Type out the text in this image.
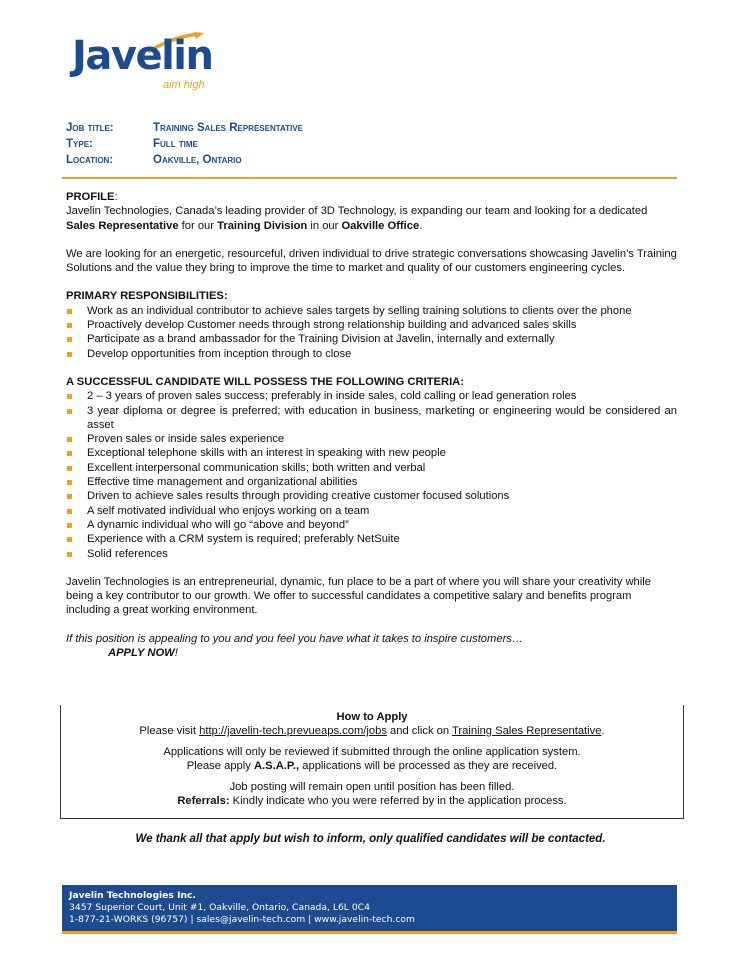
Javelin
aim high
Job title:	Training Sales Representative
Type:	Full time
Location:	Oakville, Ontario

PROFILE:

Javelin Technologies, Canada’s leading provider of 3D Technology, is expanding our team and looking for a dedicated Sales Representative for our Training Division in our Oakville Office.

We are looking for an energetic, resourceful, driven individual to drive strategic conversations showcasing Javelin’s Training Solutions and the value they bring to improve the time to market and quality of our customers engineering cycles.

PRIMARY RESPONSIBILITIES:

Work as an individual contributor to achieve sales targets by selling training solutions to clients over the phone
Proactively develop Customer needs through strong relationship building and advanced sales skills
Participate as a brand ambassador for the Training Division at Javelin, internally and externally
Develop opportunities from inception through to close

A SUCCESSFUL CANDIDATE WILL POSSESS THE FOLLOWING CRITERIA:

2 – 3 years of proven sales success; preferably in inside sales, cold calling or lead generation roles
3 year diploma or degree is preferred; with education in business, marketing or engineering would be considered an asset
Proven sales or inside sales experience
Exceptional telephone skills with an interest in speaking with new people
Excellent interpersonal communication skills; both written and verbal
Effective time management and organizational abilities
Driven to achieve sales results through providing creative customer focused solutions
A self motivated individual who enjoys working on a team
A dynamic individual who will go “above and beyond”
Experience with a CRM system is required; preferably NetSuite
Solid references

Javelin Technologies is an entrepreneurial, dynamic, fun place to be a part of where you will share your creativity while being a key contributor to our growth. We offer to successful candidates a competitive salary and benefits program including a great working environment.

If this position is appealing to you and you feel you have what it takes to inspire customers…

APPLY NOW!

How to Apply
Please visit http://javelin-tech.prevueaps.com/jobs and click on Training Sales Representative.
Applications will only be reviewed if submitted through the online application system.
Please apply A.S.A.P., applications will be processed as they are received.
Job posting will remain open until position has been filled.
Referrals: Kindly indicate who you were referred by in the application process.
We thank all that apply but wish to inform, only qualified candidates will be contacted.
Javelin Technologies Inc.
3457 Superior Court, Unit #1, Oakville, Ontario, Canada, L6L 0C4
1-877-21-WORKS (96757) | sales@javelin-tech.com | www.javelin-tech.com
